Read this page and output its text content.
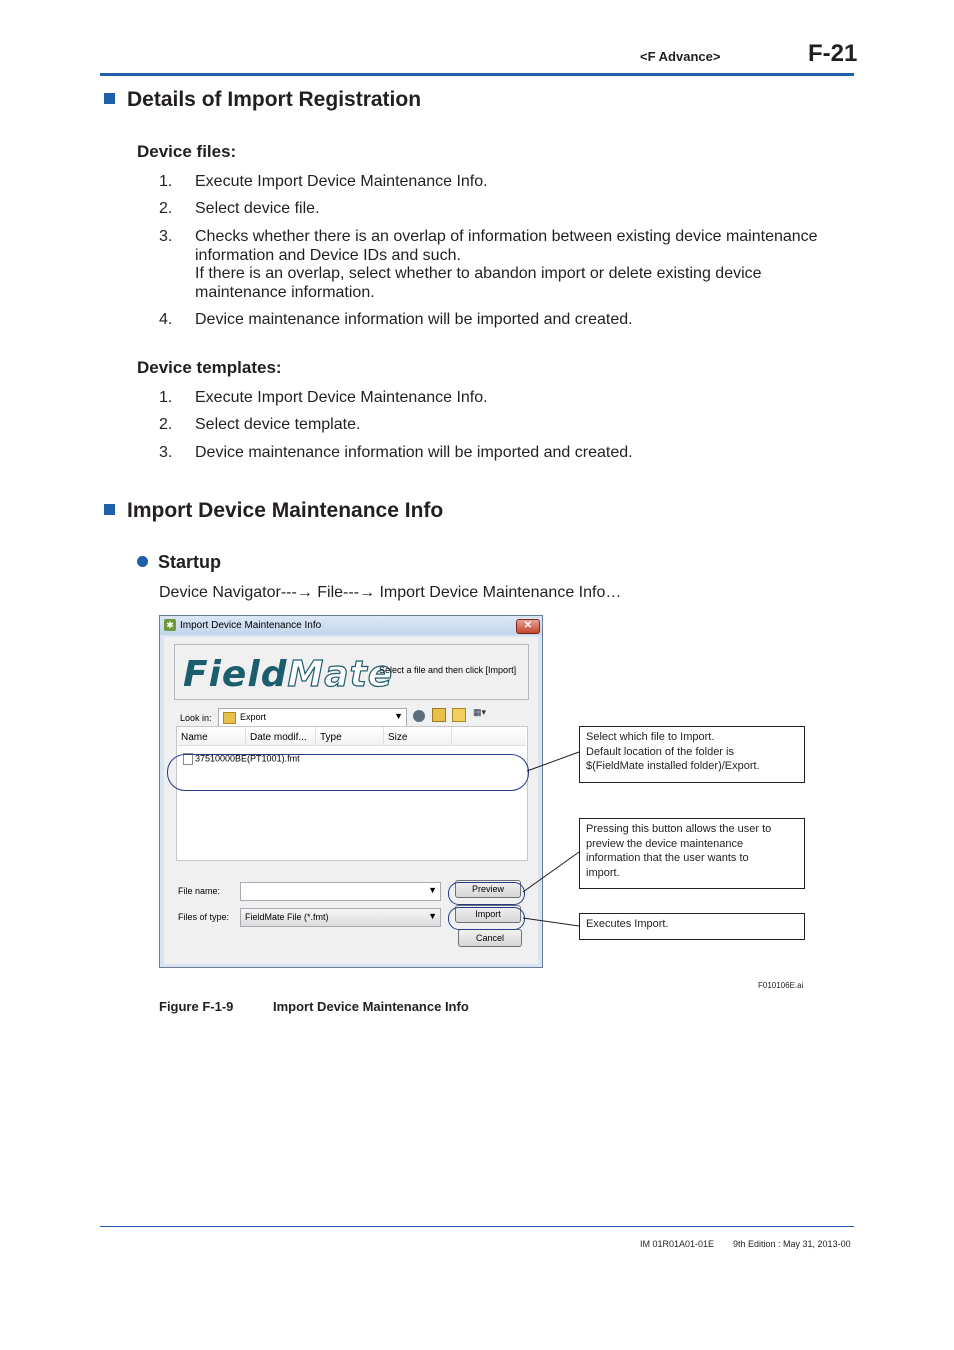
<F Advance>	F-21
Details of Import Registration
Device files:
1. Execute Import Device Maintenance Info.
2. Select device file.
3. Checks whether there is an overlap of information between existing device maintenance information and Device IDs and such.
If there is an overlap, select whether to abandon import or delete existing device maintenance information.
4. Device maintenance information will be imported and created.
Device templates:
1. Execute Import Device Maintenance Info.
2. Select device template.
3. Device maintenance information will be imported and created.
Import Device Maintenance Info
Startup
Device Navigator---→ File---→ Import Device Maintenance Info…
✱ Import Device Maintenance Info	✕
FieldMate
Select a file and then click [Import]
Look in:	Export	▼	▦▾
Name	Date modif... Type	Size
37510000BE(PT1001).fmt
File name:	▼
Files of type: FieldMate File (*.fmt)	▼
Preview
Import
Cancel
Select which file to Import.
Default location of the folder is
$(FieldMate installed folder)/Export.
Pressing this button allows the user to
preview the device maintenance
information that the user wants to
import.
Executes Import.
F010106E.ai
Figure F-1-9	Import Device Maintenance Info
IM 01R01A01-01E 9th Edition : May 31, 2013-00
